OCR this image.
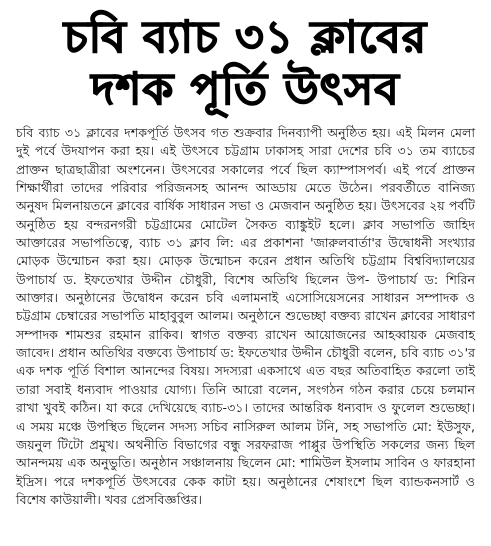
চবি ব্যাচ ৩১ ক্লাবের
দশক পূর্তি উৎসব

চবি ব্যাচ ৩১ ক্লাবের দশকপূর্তি উৎসব গত শুক্রবার দিনব্যাপী অনুষ্ঠিত হয়। এই মিলন মেলা দুই পর্বে উদযাপন করা হয়। এই উৎসবে চট্টগ্রাম ঢাকাসহ সারা দেশের চবি ৩১ তম ব্যাচের প্রাক্তন ছাত্রছাত্রীরা অংশনেন। উৎসবের সকালের পর্বে ছিল ক্যাম্পাসপর্ব। এই পর্বে প্রাক্তন শিক্ষার্থীরা তাদের পরিবার পরিজনসহ আনন্দ আড্ডায় মেতে উঠেন। পরবর্তীতে বানিজ্য অনুষদ মিলনায়তনে ক্লাবের বার্ষিক সাধারন সভা ও মেজবান অনুষ্ঠিত হয়। উৎসবের ২য় পর্বটি অনুষ্ঠিত হয় বন্দরনগরী চট্টগ্রামের মোটেল সৈকত ব্যাঙ্কুইট হলে। ক্লাব সভাপতি জাহিদ আক্তারের সভাপতিত্বে, ব্যাচ ৩১ ক্লাব লি: এর প্রকাশনা 'জারুলবার্তা'র উদ্বোধনী সংখ্যার মোড়ক উন্মোচন করা হয়। মোড়ক উন্মোচন করেন প্রধান অতিথি চট্টগ্রাম বিশ্ববিদ্যালয়ের উপাচার্য ড. ইফতেখার উদ্দীন চৌধুরী, বিশেষ অতিথি ছিলেন উপ- উপাচার্য ড: শিরিন আক্তার। অনুষ্ঠানের উদ্বোধন করেন চবি এলামনাই এসোসিয়েসনের সাধারন সম্পাদক ও চট্টগ্রাম চেম্বারের সভাপতি মাহাবুবুল আলম। অনুষ্ঠানে শুভেচ্ছা বক্তব্য রাখেন ক্লাবের সাধারণ সম্পাদক শামশুর রহমান রাকিব। স্বাগত বক্তব্য রাখেন আয়োজনের আহব্বায়ক মেজবাহ জাবেদ। প্রধান অতিথির বক্তব্যে উপাচার্য ড: ইফতেখার উদ্দীন চৌধুরী বলেন, চবি ব্যাচ ৩১'র এক দশক পূর্তি বিশাল আনন্দের বিষয়। সদস্যরা একসাথে এত বছর অতিবাহিত করলো তাই তারা সবাই ধন্যবাদ পাওয়ার যোগ্য। তিনি আরো বলেন, সংগঠন গঠন করার চেয়ে চলমান রাখা খুবই কঠিন। যা করে দেখিয়েছে ব্যাচ-৩১। তাদের আন্তরিক ধন্যবাদ ও ফুলেল শুভেচ্ছা। এ সময় মঞ্চে উপস্থিত ছিলেন সদস্য সচিব নাসিরুল আলম টনি, সহ সভাপতি মো: ইউসুফ, জয়নুল টিটো প্রমুখ। অথনীতি বিভাগের বন্ধু সরফরাজ পাপ্পুর উপস্থিতি সকলের জন্য ছিল আনন্দময় এক অনুভুতি। অনুষ্ঠান সঞ্চালনায় ছিলেন মো: শামিউল ইসলাম সাবিন ও ফারহানা ইদ্রিস। পরে দশকপূর্তি উৎসবের কেক কাটা হয়। অনুষ্ঠানের শেষাংশে ছিল ব্যান্ডকনসার্ট ও বিশেষ কাউয়ালী। খবর প্রেসবিজ্ঞপ্তির।
